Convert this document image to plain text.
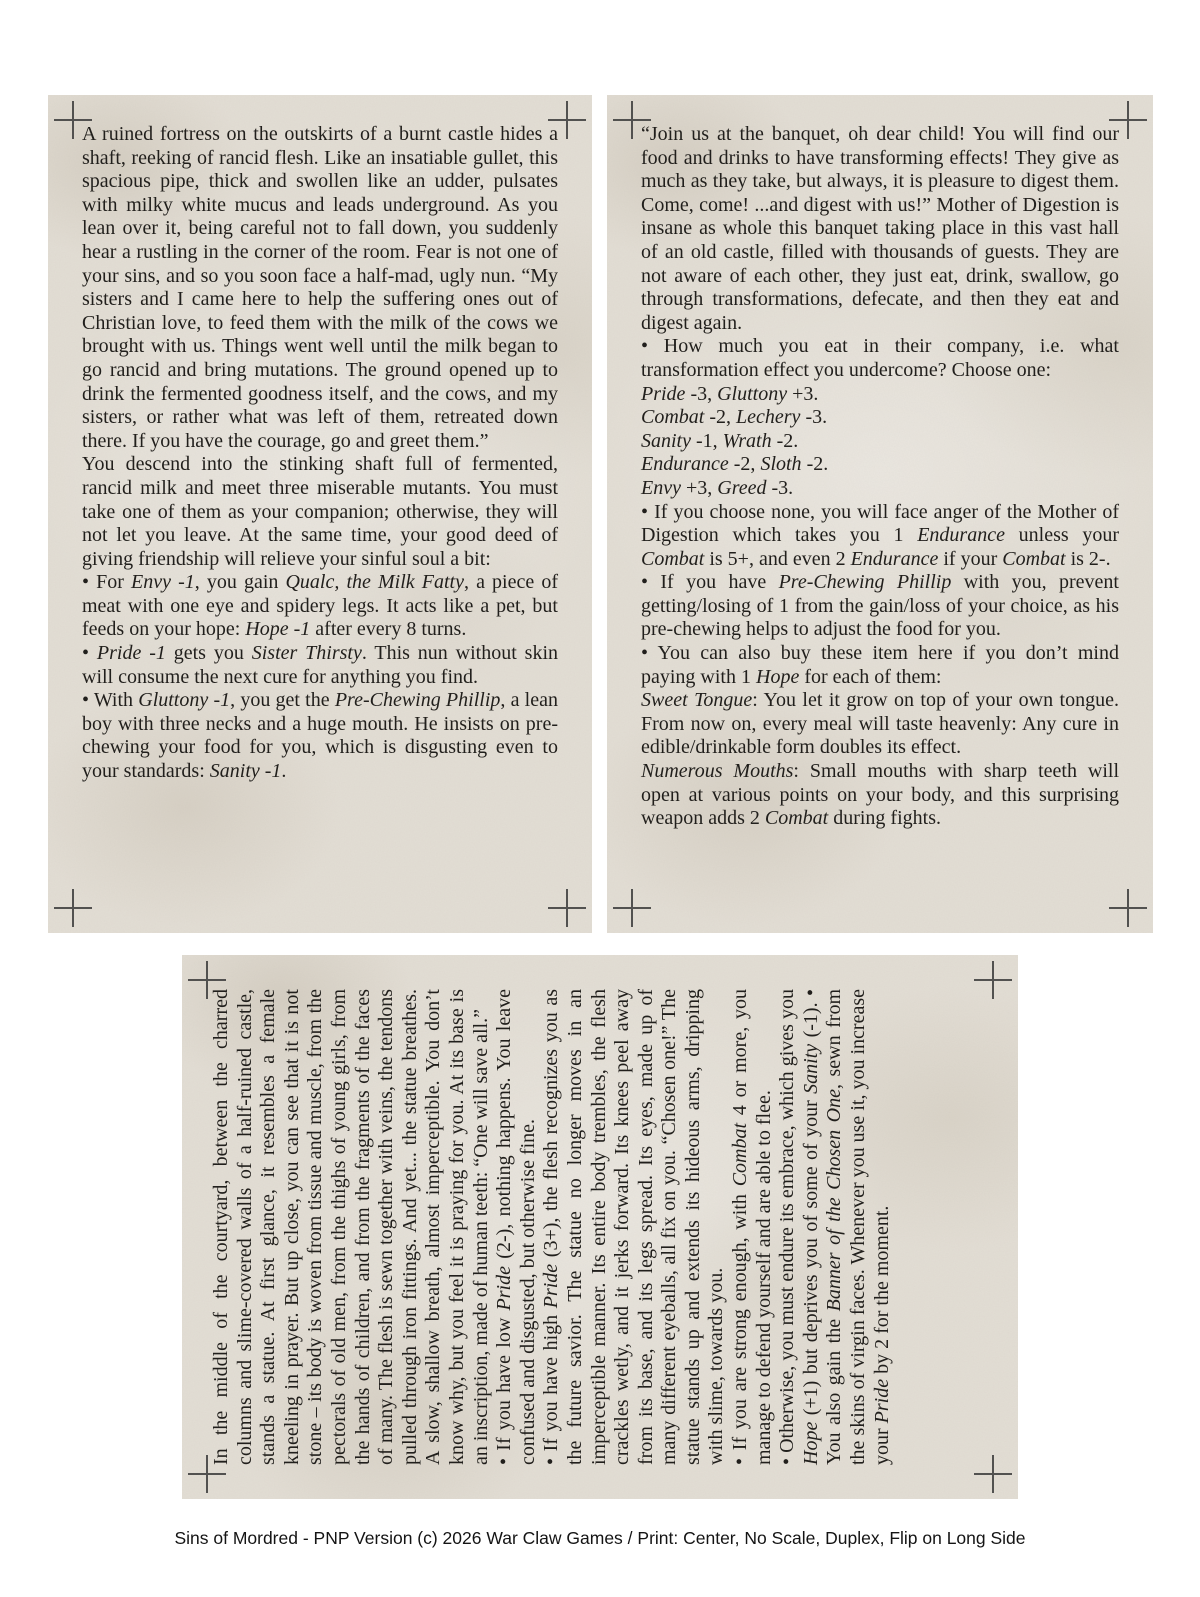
A ruined fortress on the outskirts of a burnt castle hides a shaft, reeking of rancid flesh. Like an insatiable gullet, this spacious pipe, thick and swollen like an udder, pulsates with milky white mucus and leads underground. As you lean over it, being careful not to fall down, you suddenly hear a rustling in the corner of the room. Fear is not one of your sins, and so you soon face a half-mad, ugly nun. “My sisters and I came here to help the suffering ones out of Christian love, to feed them with the milk of the cows we brought with us. Things went well until the milk began to go rancid and bring mutations. The ground opened up to drink the fermented goodness itself, and the cows, and my sisters, or rather what was left of them, retreated down there. If you have the courage, go and greet them.”

You descend into the stinking shaft full of fermented, rancid milk and meet three miserable mutants. You must take one of them as your companion; otherwise, they will not let you leave. At the same time, your good deed of giving friendship will relieve your sinful soul a bit:

• For Envy -1, you gain Qualc, the Milk Fatty, a piece of meat with one eye and spidery legs. It acts like a pet, but feeds on your hope: Hope -1 after every 8 turns.

• Pride -1 gets you Sister Thirsty. This nun without skin will consume the next cure for anything you find.

• With Gluttony -1, you get the Pre-Chewing Phillip, a lean boy with three necks and a huge mouth. He insists on pre-chewing your food for you, which is disgusting even to your standards: Sanity -1.

“Join us at the banquet, oh dear child! You will find our food and drinks to have transforming effects! They give as much as they take, but always, it is pleasure to digest them. Come, come! ...and digest with us!” Mother of Digestion is insane as whole this banquet taking place in this vast hall of an old castle, filled with thousands of guests. They are not aware of each other, they just eat, drink, swallow, go through transformations, defecate, and then they eat and digest again.

• How much you eat in their company, i.e. what transformation effect you undercome? Choose one:

Pride -3, Gluttony +3.

Combat -2, Lechery -3.

Sanity -1, Wrath -2.

Endurance -2, Sloth -2.

Envy +3, Greed -3.

• If you choose none, you will face anger of the Mother of Digestion which takes you 1 Endurance unless your Combat is 5+, and even 2 Endurance if your Combat is 2-.

• If you have Pre-Chewing Phillip with you, prevent getting/losing of 1 from the gain/loss of your choice, as his pre-chewing helps to adjust the food for you.

• You can also buy these item here if you don’t mind paying with 1 Hope for each of them:

Sweet Tongue: You let it grow on top of your own tongue. From now on, every meal will taste heavenly: Any cure in edible/drinkable form doubles its effect.

Numerous Mouths: Small mouths with sharp teeth will open at various points on your body, and this surprising weapon adds 2 Combat during fights.

In the middle of the courtyard, between the charred columns and slime-covered walls of a half-ruined castle, stands a statue. At first glance, it resembles a female kneeling in prayer. But up close, you can see that it is not stone – its body is woven from tissue and muscle, from the pectorals of old men, from the thighs of young girls, from the hands of children, and from the fragments of the faces of many. The flesh is sewn together with veins, the tendons pulled through iron fittings. And yet... the statue breathes. A slow, shallow breath, almost imperceptible. You don’t know why, but you feel it is praying for you. At its base is an inscription, made of human teeth: “One will save all.” • If you have low Pride (2-), nothing happens. You leave confused and disgusted, but otherwise fine. • If you have high Pride (3+), the flesh recognizes you as the future savior. The statue no longer moves in an imperceptible manner. Its entire body trembles, the flesh crackles wetly, and it jerks forward. Its knees peel away from its base, and its legs spread. Its eyes, made up of many different eyeballs, all fix on you. “Chosen one!” The statue stands up and extends its hideous arms, dripping with slime, towards you. • If you are strong enough, with Combat 4 or more, you manage to defend yourself and are able to flee. • Otherwise, you must endure its embrace, which gives you Hope (+1) but deprives you of some of your Sanity (-1). • You also gain the Banner of the Chosen One, sewn from the skins of virgin faces. Whenever you use it, you increase your Pride by 2 for the moment.

Sins of Mordred - PNP Version (c) 2026 War Claw Games / Print: Center, No Scale, Duplex, Flip on Long Side
